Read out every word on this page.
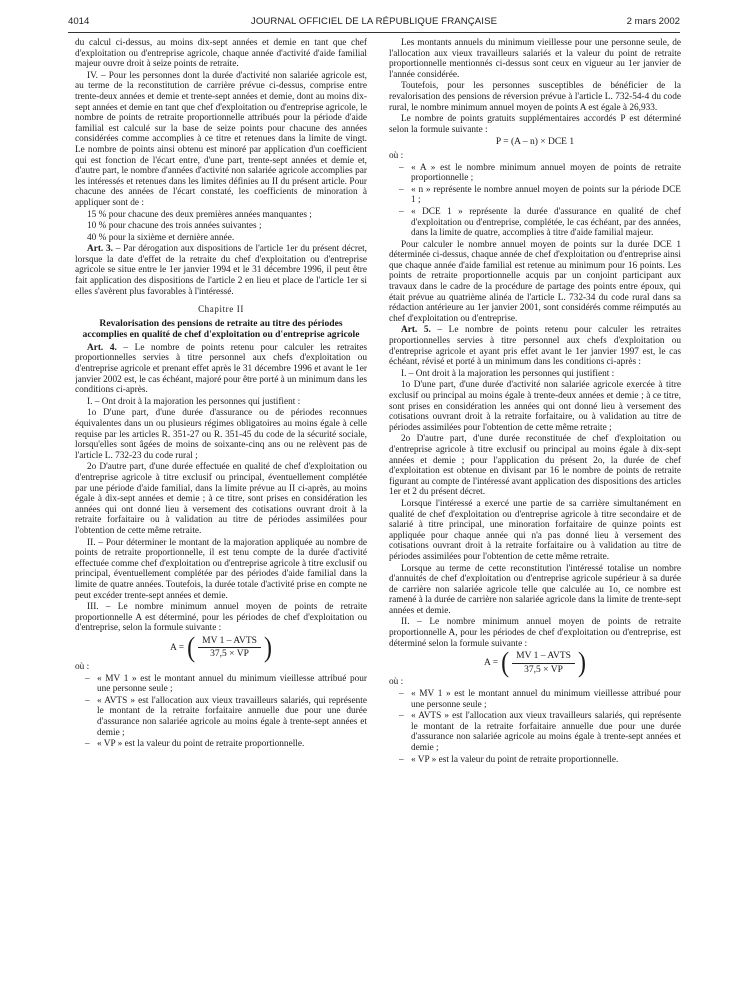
4014	JOURNAL OFFICIEL DE LA RÉPUBLIQUE FRANÇAISE	2 mars 2002

du calcul ci-dessus, au moins dix-sept années et demie en tant que chef d'exploitation ou d'entreprise agricole, chaque année d'activité d'aide familial majeur ouvre droit à seize points de retraite.

IV. – Pour les personnes dont la durée d'activité non salariée agricole est, au terme de la reconstitution de carrière prévue ci-dessus, comprise entre trente-deux années et demie et trente-sept années et demie, dont au moins dix-sept années et demie en tant que chef d'exploitation ou d'entreprise agricole, le nombre de points de retraite proportionnelle attribués pour la période d'aide familial est calculé sur la base de seize points pour chacune des années considérées comme accomplies à ce titre et retenues dans la limite de vingt. Le nombre de points ainsi obtenu est minoré par application d'un coefficient qui est fonction de l'écart entre, d'une part, trente-sept années et demie et, d'autre part, le nombre d'années d'activité non salariée agricole accomplies par les intéressés et retenues dans les limites définies au II du présent article. Pour chacune des années de l'écart constaté, les coefficients de minoration à appliquer sont de :

15 % pour chacune des deux premières années manquantes ;

10 % pour chacune des trois années suivantes ;

40 % pour la sixième et dernière année.

Art. 3. – Par dérogation aux dispositions de l'article 1er du présent décret, lorsque la date d'effet de la retraite du chef d'exploitation ou d'entreprise agricole se situe entre le 1er janvier 1994 et le 31 décembre 1996, il peut être fait application des dispositions de l'article 2 en lieu et place de l'article 1er si elles s'avèrent plus favorables à l'intéressé.

Chapitre II
Revalorisation des pensions de retraite au titre des périodes accomplies en qualité de chef d'exploitation ou d'entreprise agricole

Art. 4. – Le nombre de points retenu pour calculer les retraites proportionnelles servies à titre personnel aux chefs d'exploitation ou d'entreprise agricole et prenant effet après le 31 décembre 1996 et avant le 1er janvier 2002 est, le cas échéant, majoré pour être porté à un minimum dans les conditions ci-après.

I. – Ont droit à la majoration les personnes qui justifient :

1o D'une part, d'une durée d'assurance ou de périodes reconnues équivalentes dans un ou plusieurs régimes obligatoires au moins égale à celle requise par les articles R. 351-27 ou R. 351-45 du code de la sécurité sociale, lorsqu'elles sont âgées de moins de soixante-cinq ans ou ne relèvent pas de l'article L. 732-23 du code rural ;

2o D'autre part, d'une durée effectuée en qualité de chef d'exploitation ou d'entreprise agricole à titre exclusif ou principal, éventuellement complétée par une période d'aide familial, dans la limite prévue au II ci-après, au moins égale à dix-sept années et demie ; à ce titre, sont prises en considération les années qui ont donné lieu à versement des cotisations ouvrant droit à la retraite forfaitaire ou à validation au titre de périodes assimilées pour l'obtention de cette même retraite.

II. – Pour déterminer le montant de la majoration appliquée au nombre de points de retraite proportionnelle, il est tenu compte de la durée d'activité effectuée comme chef d'exploitation ou d'entreprise agricole à titre exclusif ou principal, éventuellement complétée par des périodes d'aide familial dans la limite de quatre années. Toutefois, la durée totale d'activité prise en compte ne peut excéder trente-sept années et demie.

III. – Le nombre minimum annuel moyen de points de retraite proportionnelle A est déterminé, pour les périodes de chef d'exploitation ou d'entreprise, selon la formule suivante :

A = ( $\frac{\text{MV 1 – AVTS}}{37,5 \times VP}$ )

où :

– « MV 1 » est le montant annuel du minimum vieillesse attribué pour une personne seule ;
– « AVTS » est l'allocation aux vieux travailleurs salariés, qui représente le montant de la retraite forfaitaire annuelle due pour une durée d'assurance non salariée agricole au moins égale à trente-sept années et demie ;
– « VP » est la valeur du point de retraite proportionnelle.

Les montants annuels du minimum vieillesse pour une personne seule, de l'allocation aux vieux travailleurs salariés et la valeur du point de retraite proportionnelle mentionnés ci-dessus sont ceux en vigueur au 1er janvier de l'année considérée.

Toutefois, pour les personnes susceptibles de bénéficier de la revalorisation des pensions de réversion prévue à l'article L. 732-54-4 du code rural, le nombre minimum annuel moyen de points A est égale à 26,933.

Le nombre de points gratuits supplémentaires accordés P est déterminé selon la formule suivante :

P = (A – n) × DCE 1

où :

– « A » est le nombre minimum annuel moyen de points de retraite proportionnelle ;
– « n » représente le nombre annuel moyen de points sur la période DCE 1 ;
– « DCE 1 » représente la durée d'assurance en qualité de chef d'exploitation ou d'entreprise, complétée, le cas échéant, par des années, dans la limite de quatre, accomplies à titre d'aide familial majeur.

Pour calculer le nombre annuel moyen de points sur la durée DCE 1 déterminée ci-dessus, chaque année de chef d'exploitation ou d'entreprise ainsi que chaque année d'aide familial est retenue au minimum pour 16 points. Les points de retraite proportionnelle acquis par un conjoint participant aux travaux dans le cadre de la procédure de partage des points entre époux, qui était prévue au quatrième alinéa de l'article L. 732-34 du code rural dans sa rédaction antérieure au 1er janvier 2001, sont considérés comme réimputés au chef d'exploitation ou d'entreprise.

Art. 5. – Le nombre de points retenu pour calculer les retraites proportionnelles servies à titre personnel aux chefs d'exploitation ou d'entreprise agricole et ayant pris effet avant le 1er janvier 1997 est, le cas échéant, révisé et porté à un minimum dans les conditions ci-après :

I. – Ont droit à la majoration les personnes qui justifient :

1o D'une part, d'une durée d'activité non salariée agricole exercée à titre exclusif ou principal au moins égale à trente-deux années et demie ; à ce titre, sont prises en considération les années qui ont donné lieu à versement des cotisations ouvrant droit à la retraite forfaitaire, ou à validation au titre de périodes assimilées pour l'obtention de cette même retraite ;

2o D'autre part, d'une durée reconstituée de chef d'exploitation ou d'entreprise agricole à titre exclusif ou principal au moins égale à dix-sept années et demie ; pour l'application du présent 2o, la durée de chef d'exploitation est obtenue en divisant par 16 le nombre de points de retraite figurant au compte de l'intéressé avant application des dispositions des articles 1er et 2 du présent décret.

Lorsque l'intéressé a exercé une partie de sa carrière simultanément en qualité de chef d'exploitation ou d'entreprise agricole à titre secondaire et de salarié à titre principal, une minoration forfaitaire de quinze points est appliquée pour chaque année qui n'a pas donné lieu à versement des cotisations ouvrant droit à la retraite forfaitaire ou à validation au titre de périodes assimilées pour l'obtention de cette même retraite.

Lorsque au terme de cette reconstitution l'intéressé totalise un nombre d'annuités de chef d'exploitation ou d'entreprise agricole supérieur à sa durée de carrière non salariée agricole telle que calculée au 1o, ce nombre est ramené à la durée de carrière non salariée agricole dans la limite de trente-sept années et demie.

II. – Le nombre minimum annuel moyen de points de retraite proportionnelle A, pour les périodes de chef d'exploitation ou d'entreprise, est déterminé selon la formule suivante :

A = ( $\frac{\text{MV 1 – AVTS}}{37,5 \times VP}$ )

où :

– « MV 1 » est le montant annuel du minimum vieillesse attribué pour une personne seule ;
– « AVTS » est l'allocation aux vieux travailleurs salariés, qui représente le montant de la retraite forfaitaire annuelle due pour une durée d'assurance non salariée agricole au moins égale à trente-sept années et demie ;
– « VP » est la valeur du point de retraite proportionnelle.
